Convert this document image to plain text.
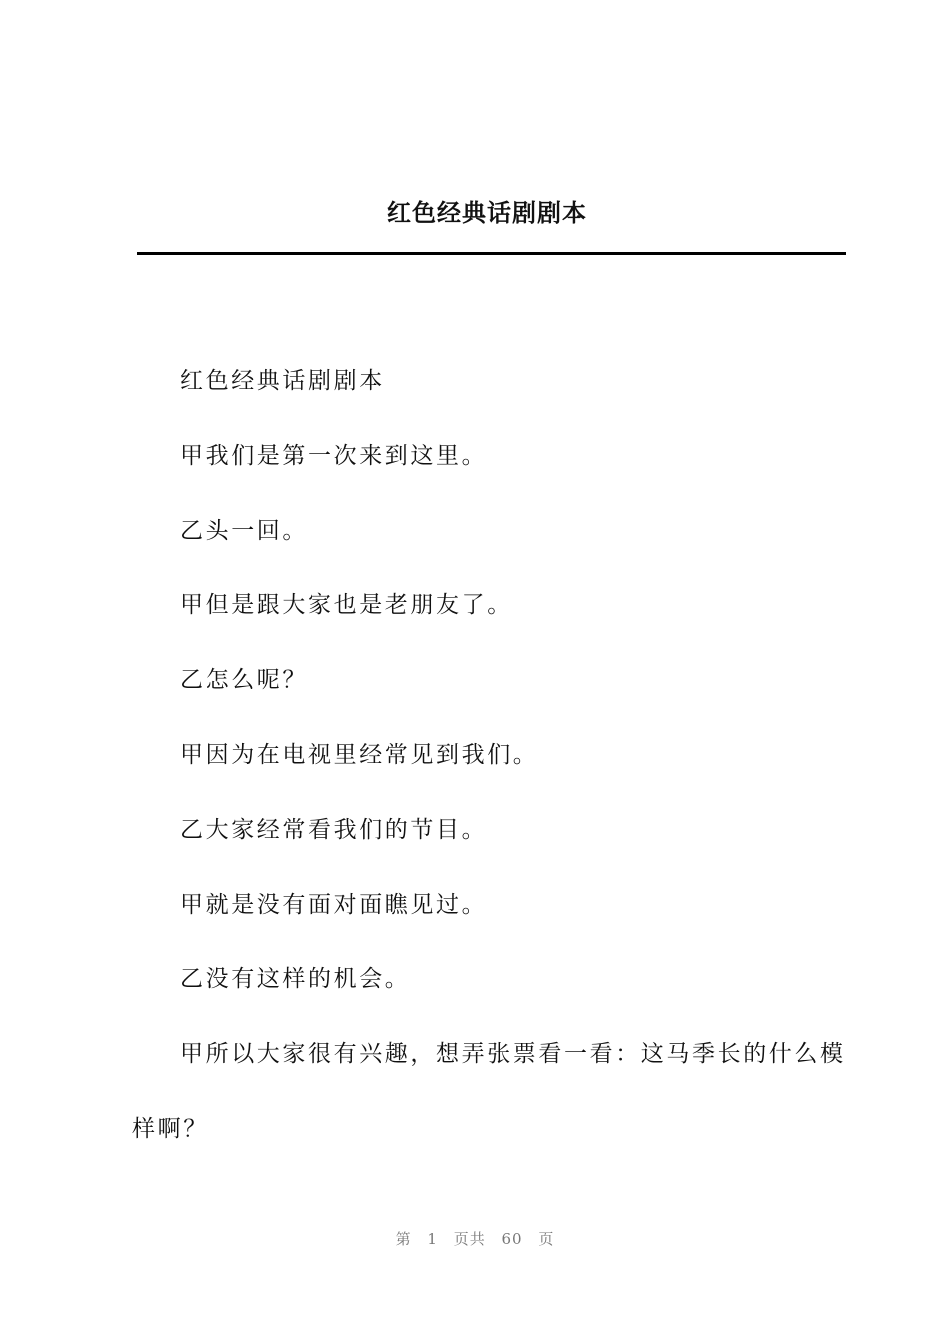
红色经典话剧剧本

红色经典话剧剧本

甲我们是第一次来到这里。

乙头一回。

甲但是跟大家也是老朋友了。

乙怎么呢？

甲因为在电视里经常见到我们。

乙大家经常看我们的节目。

甲就是没有面对面瞧见过。

乙没有这样的机会。

甲所以大家很有兴趣，想弄张票看一看：这马季长的什么模样啊？

第 1 页共 60 页
